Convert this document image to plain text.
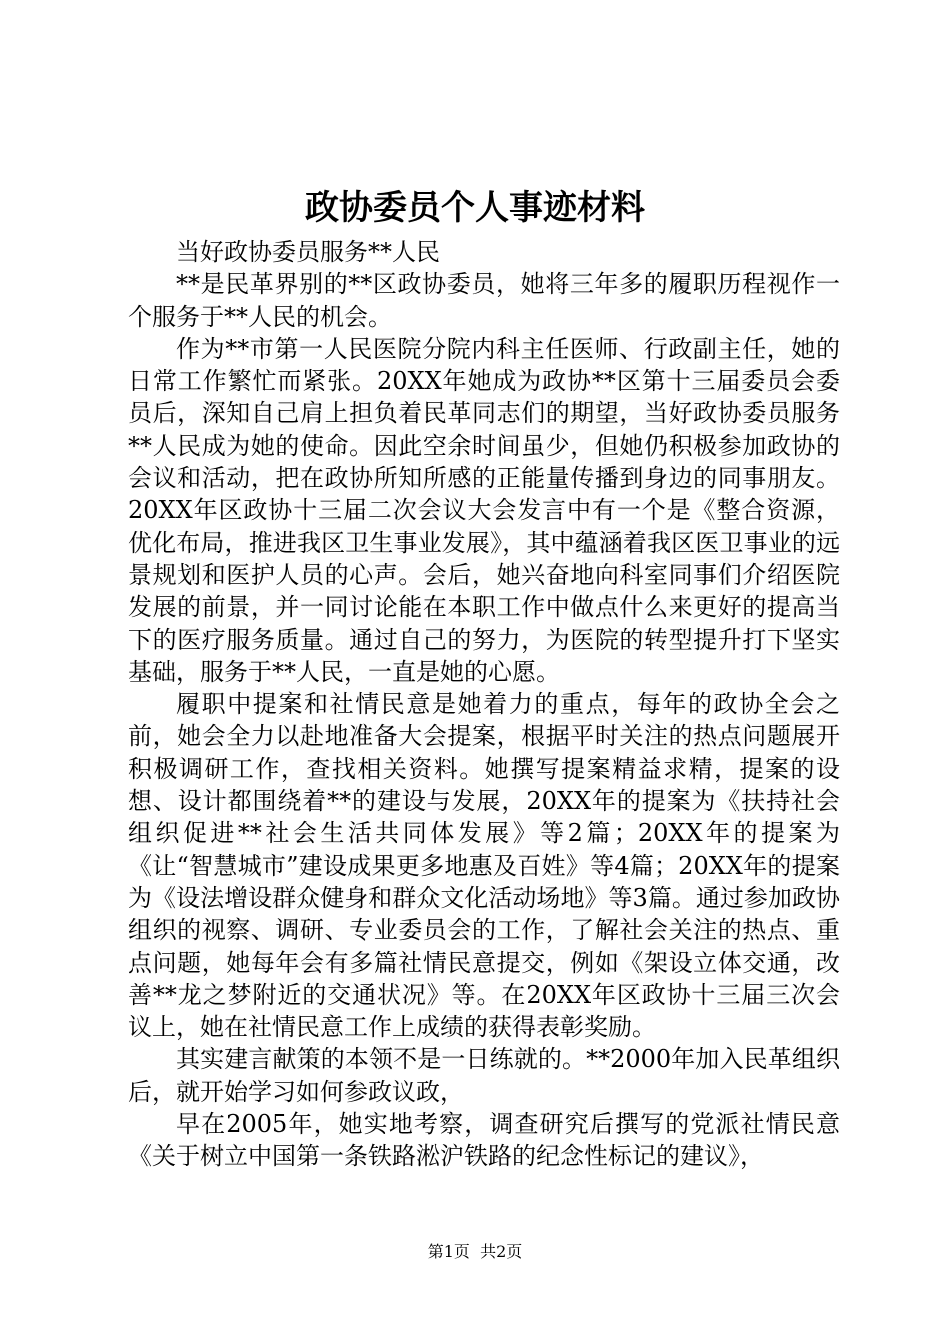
政协委员个人事迹材料

当好政协委员服务**人民

**是民革界别的**区政协委员，她将三年多的履职历程视作一个服务于**人民的机会。

作为**市第一人民医院分院内科主任医师、行政副主任，她的日常工作繁忙而紧张。20XX年她成为政协**区第十三届委员会委员后，深知自己肩上担负着民革同志们的期望，当好政协委员服务**人民成为她的使命。因此空余时间虽少，但她仍积极参加政协的会议和活动，把在政协所知所感的正能量传播到身边的同事朋友。20XX年区政协十三届二次会议大会发言中有一个是《整合资源，优化布局，推进我区卫生事业发展》，其中蕴涵着我区医卫事业的远景规划和医护人员的心声。会后，她兴奋地向科室同事们介绍医院发展的前景，并一同讨论能在本职工作中做点什么来更好的提高当下的医疗服务质量。通过自己的努力，为医院的转型提升打下坚实基础，服务于**人民，一直是她的心愿。

履职中提案和社情民意是她着力的重点，每年的政协全会之前，她会全力以赴地准备大会提案，根据平时关注的热点问题展开积极调研工作，查找相关资料。她撰写提案精益求精，提案的设想、设计都围绕着**的建设与发展，20XX年的提案为《扶持社会组织促进**社会生活共同体发展》等2篇；20XX年的提案为《让“智慧城市”建设成果更多地惠及百姓》等4篇；20XX年的提案为《设法增设群众健身和群众文化活动场地》等3篇。通过参加政协组织的视察、调研、专业委员会的工作，了解社会关注的热点、重点问题，她每年会有多篇社情民意提交，例如《架设立体交通，改善**龙之梦附近的交通状况》等。在20XX年区政协十三届三次会议上，她在社情民意工作上成绩的获得表彰奖励。

其实建言献策的本领不是一日练就的。**2000年加入民革组织后，就开始学习如何参政议政，

早在2005年，她实地考察，调查研究后撰写的党派社情民意《关于树立中国第一条铁路淞沪铁路的纪念性标记的建议》，

第1页 共2页
